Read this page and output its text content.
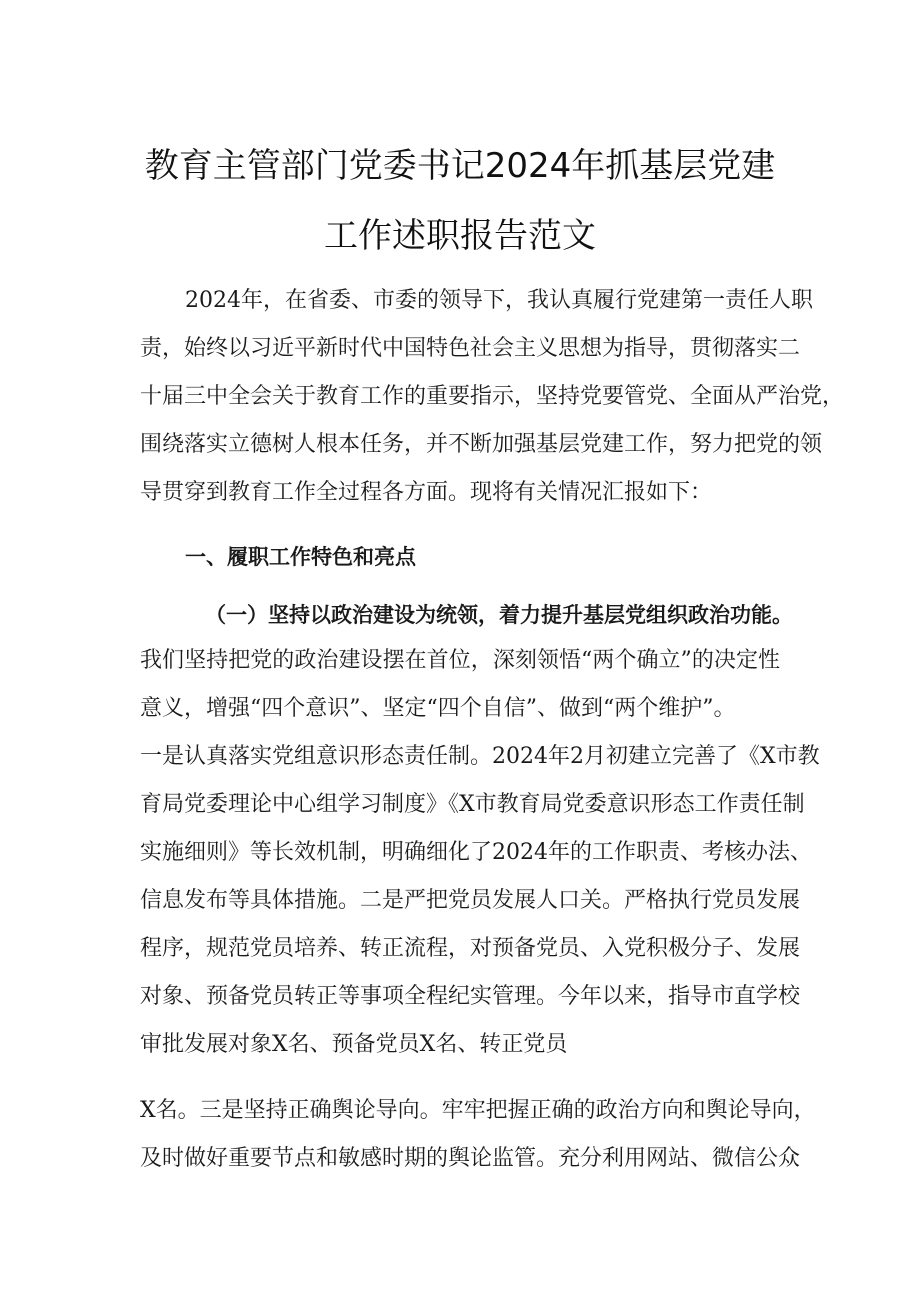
教育主管部门党委书记2024年抓基层党建
工作述职报告范文
2024年，在省委、市委的领导下，我认真履行党建第一责任人职
责，始终以习近平新时代中国特色社会主义思想为指导，贯彻落实二
十届三中全会关于教育工作的重要指示，坚持党要管党、全面从严治党，
围绕落实立德树人根本任务，并不断加强基层党建工作，努力把党的领
导贯穿到教育工作全过程各方面。现将有关情况汇报如下：
一、履职工作特色和亮点
（一）坚持以政治建设为统领，着力提升基层党组织政治功能。
我们坚持把党的政治建设摆在首位，深刻领悟“两个确立”的决定性
意义，增强“四个意识”、坚定“四个自信”、做到“两个维护”。
一是认真落实党组意识形态责任制。2024年2月初建立完善了《X市教
育局党委理论中心组学习制度》《X市教育局党委意识形态工作责任制
实施细则》等长效机制，明确细化了2024年的工作职责、考核办法、
信息发布等具体措施。二是严把党员发展人口关。严格执行党员发展
程序，规范党员培养、转正流程，对预备党员、入党积极分子、发展
对象、预备党员转正等事项全程纪实管理。今年以来，指导市直学校
审批发展对象X名、预备党员X名、转正党员
X名。三是坚持正确舆论导向。牢牢把握正确的政治方向和舆论导向，
及时做好重要节点和敏感时期的舆论监管。充分利用网站、微信公众
